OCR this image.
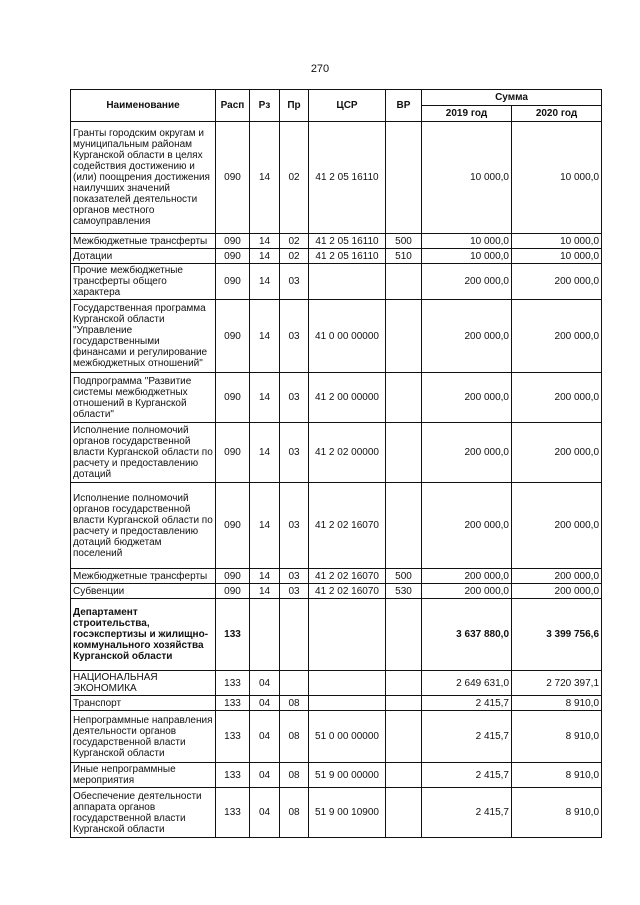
270
Наименование	Расп	Рз	Пр	ЦСР	ВР	Сумма	
						2019 год	2020 год
Гранты городским округам и муниципальным районам Курганской области в целях содействия достижению и (или) поощрения достижения наилучших значений показателей деятельности органов местного самоуправления	090	14	02	41 2 05 16110		10 000,0	10 000,0
Межбюджетные трансферты	090	14	02	41 2 05 16110	500	10 000,0	10 000,0
Дотации	090	14	02	41 2 05 16110	510	10 000,0	10 000,0
Прочие межбюджетные трансферты общего характера	090	14	03			200 000,0	200 000,0
Государственная программа Курганской области "Управление государственными финансами и регулирование межбюджетных отношений"	090	14	03	41 0 00 00000		200 000,0	200 000,0
Подпрограмма "Развитие системы межбюджетных отношений в Курганской области"	090	14	03	41 2 00 00000		200 000,0	200 000,0
Исполнение полномочий органов государственной власти Курганской области по расчету и предоставлению дотаций	090	14	03	41 2 02 00000		200 000,0	200 000,0
Исполнение полномочий органов государственной власти Курганской области по расчету и предоставлению дотаций бюджетам поселений	090	14	03	41 2 02 16070		200 000,0	200 000,0
Межбюджетные трансферты	090	14	03	41 2 02 16070	500	200 000,0	200 000,0
Субвенции	090	14	03	41 2 02 16070	530	200 000,0	200 000,0
Департамент строительства, госэкспертизы и жилищно-коммунального хозяйства Курганской области	133					3 637 880,0	3 399 756,6
НАЦИОНАЛЬНАЯ ЭКОНОМИКА	133	04				2 649 631,0	2 720 397,1
Транспорт	133	04	08			2 415,7	8 910,0
Непрограммные направления деятельности органов государственной власти Курганской области	133	04	08	51 0 00 00000		2 415,7	8 910,0
Иные непрограммные мероприятия	133	04	08	51 9 00 00000		2 415,7	8 910,0
Обеспечение деятельности аппарата органов государственной власти Курганской области	133	04	08	51 9 00 10900		2 415,7	8 910,0
